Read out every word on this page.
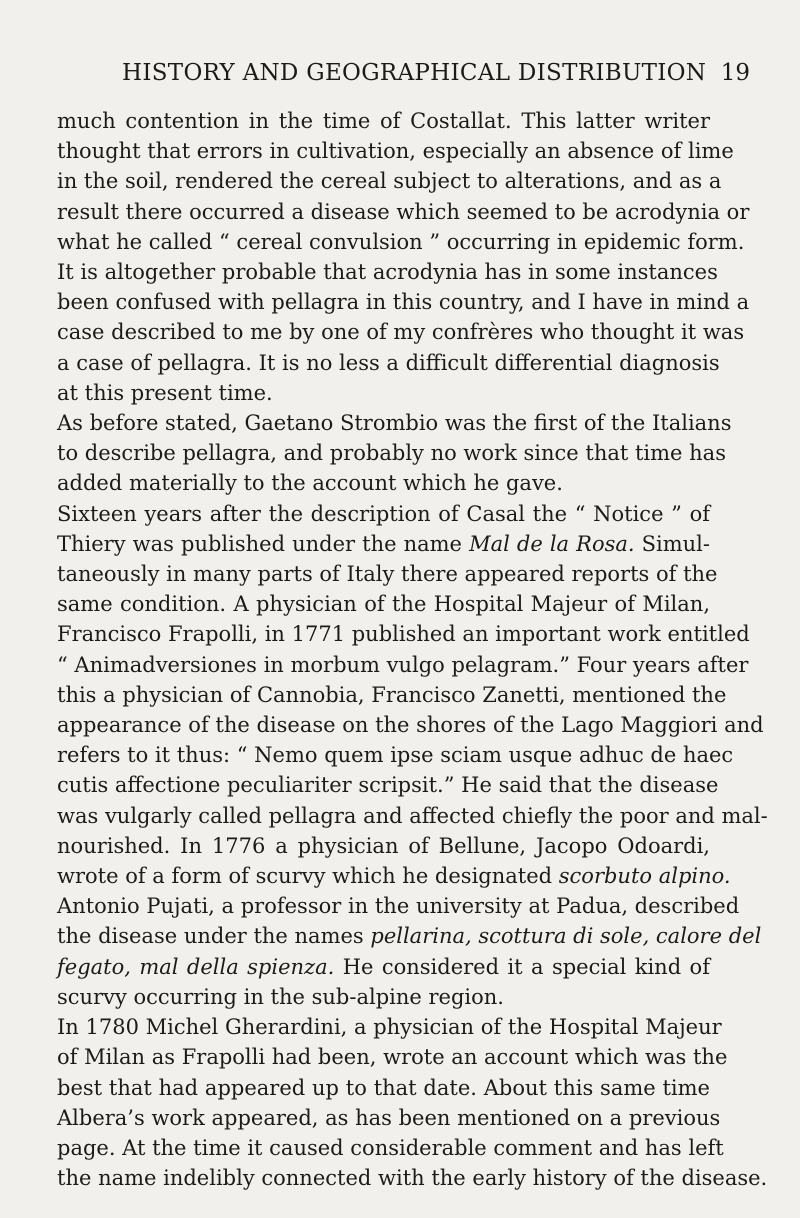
HISTORY AND GEOGRAPHICAL DISTRIBUTION 19

much contention in the time of Costallat. This latter writer
thought that errors in cultivation, especially an absence of lime
in the soil, rendered the cereal subject to alterations, and as a
result there occurred a disease which seemed to be acrodynia or
what he called “ cereal convulsion ” occurring in epidemic form.

It is altogether probable that acrodynia has in some instances
been confused with pellagra in this country, and I have in mind a
case described to me by one of my confrères who thought it was
a case of pellagra. It is no less a difficult differential diagnosis
at this present time.

As before stated, Gaetano Strombio was the first of the Italians
to describe pellagra, and probably no work since that time has
added materially to the account which he gave.

Sixteen years after the description of Casal the “ Notice ” of
Thiery was published under the name Mal de la Rosa. Simul-
taneously in many parts of Italy there appeared reports of the
same condition. A physician of the Hospital Majeur of Milan,
Francisco Frapolli, in 1771 published an important work entitled
“ Animadversiones in morbum vulgo pelagram.” Four years after
this a physician of Cannobia, Francisco Zanetti, mentioned the
appearance of the disease on the shores of the Lago Maggiori and
refers to it thus: “ Nemo quem ipse sciam usque adhuc de haec
cutis affectione peculiariter scripsit.” He said that the disease
was vulgarly called pellagra and affected chiefly the poor and mal-
nourished. In 1776 a physician of Bellune, Jacopo Odoardi,
wrote of a form of scurvy which he designated scorbuto alpino.
Antonio Pujati, a professor in the university at Padua, described
the disease under the names pellarina, scottura di sole, calore del
fegato, mal della spienza. He considered it a special kind of
scurvy occurring in the sub-alpine region.

In 1780 Michel Gherardini, a physician of the Hospital Majeur
of Milan as Frapolli had been, wrote an account which was the
best that had appeared up to that date. About this same time
Albera’s work appeared, as has been mentioned on a previous
page. At the time it caused considerable comment and has left
the name indelibly connected with the early history of the disease.
